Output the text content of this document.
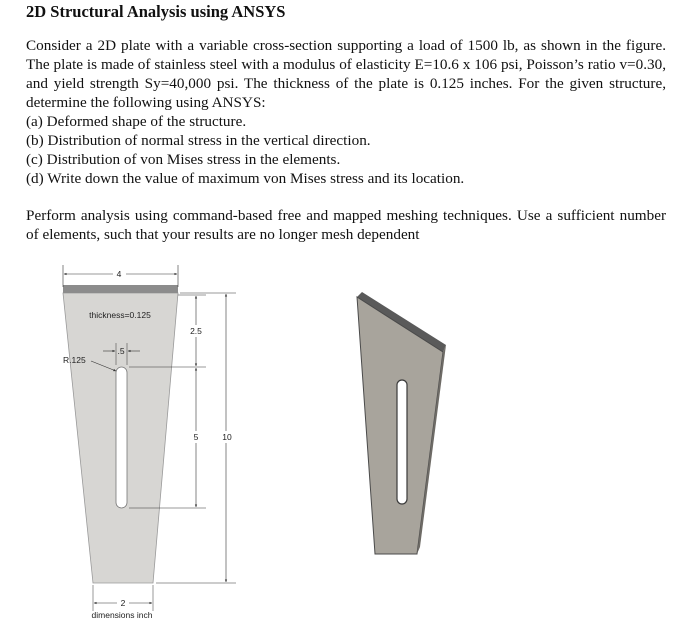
2D Structural Analysis using ANSYS

Consider a 2D plate with a variable cross-section supporting a load of 1500 lb, as shown in the figure. The plate is made of stainless steel with a modulus of elasticity E=10.6 x 106 psi, Poisson’s ratio v=0.30, and yield strength Sy=40,000 psi. The thickness of the plate is 0.125 inches. For the given structure, determine the following using ANSYS:

(a) Deformed shape of the structure.

(b) Distribution of normal stress in the vertical direction.

(c) Distribution of von Mises stress in the elements.

(d) Write down the value of maximum von Mises stress and its location.

Perform analysis using command-based free and mapped meshing techniques. Use a sufficient number of elements, such that your results are no longer mesh dependent

4
thickness=0.125
.5
R.125
2.5
5	10
2
dimensions inch
